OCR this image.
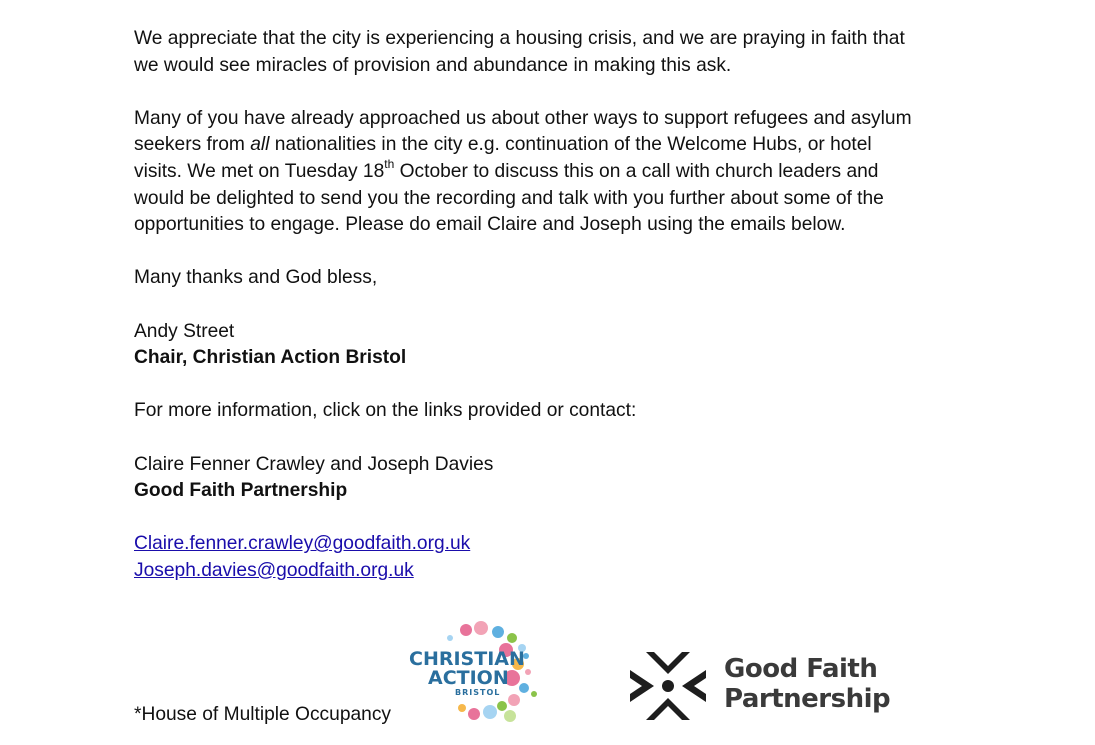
We appreciate that the city is experiencing a housing crisis, and we are praying in faith that
we would see miracles of provision and abundance in making this ask.

Many of you have already approached us about other ways to support refugees and asylum
seekers from all nationalities in the city e.g. continuation of the Welcome Hubs, or hotel
visits. We met on Tuesday 18th October to discuss this on a call with church leaders and
would be delighted to send you the recording and talk with you further about some of the
opportunities to engage. Please do email Claire and Joseph using the emails below.

Many thanks and God bless,

Andy Street
Chair, Christian Action Bristol

For more information, click on the links provided or contact:

Claire Fenner Crawley and Joseph Davies
Good Faith Partnership

Claire.fenner.crawley@goodfaith.org.uk
Joseph.davies@goodfaith.org.uk

*House of Multiple Occupancy
CHRISTIAN
ACTION
BRISTOL
Good Faith
Partnership
